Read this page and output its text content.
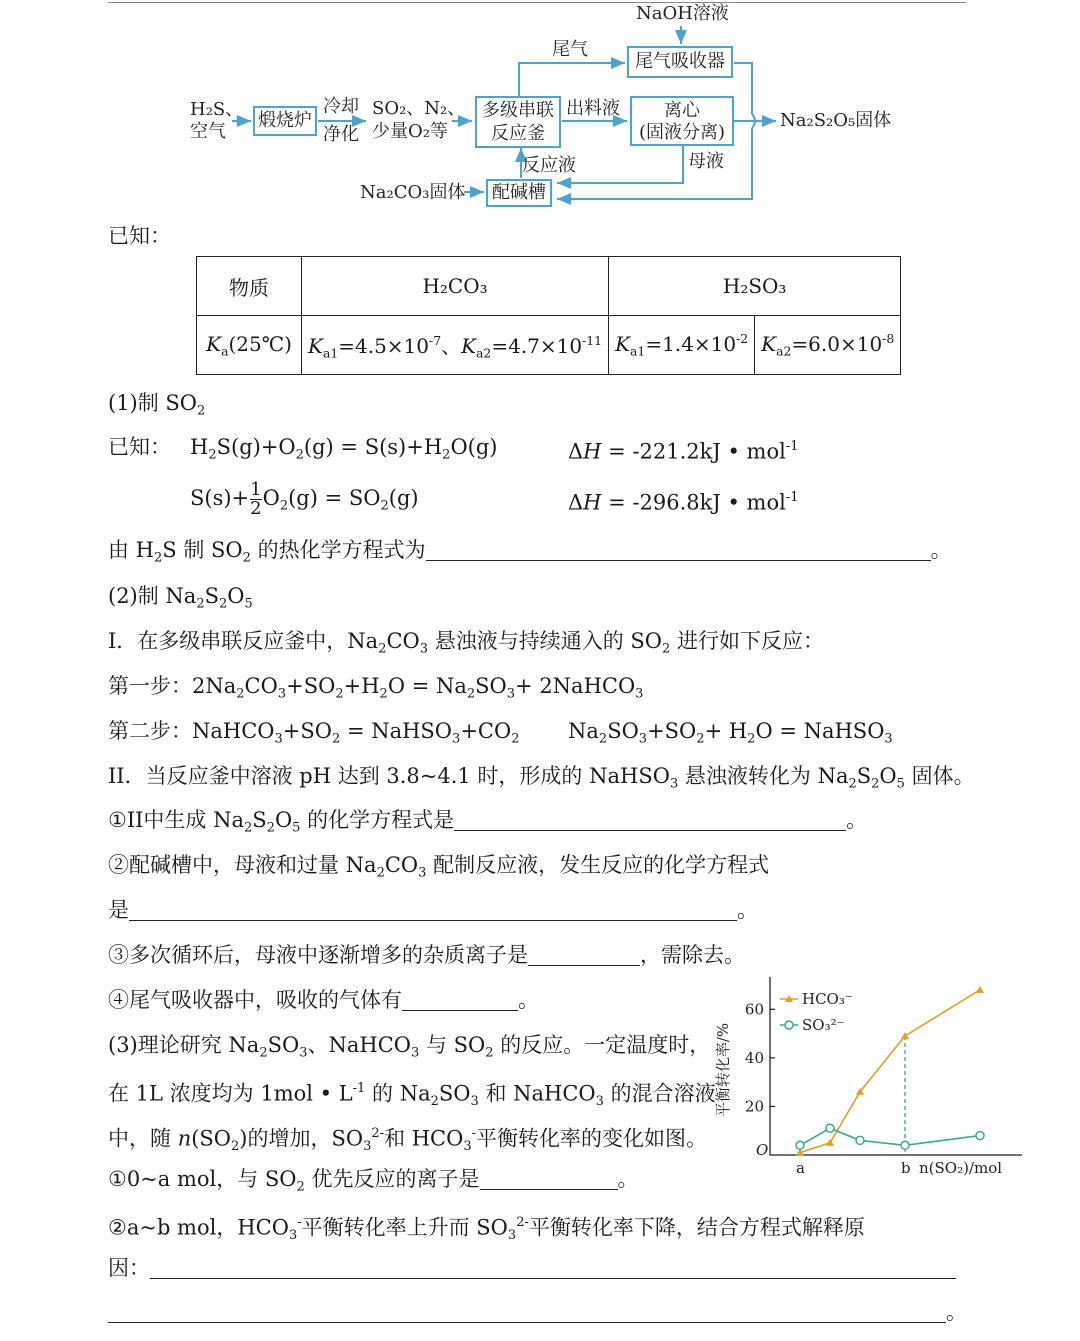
NaOH溶液
尾气
尾气吸收器
H₂S、
空气
煅烧炉
冷却
净化
SO₂、N₂、
少量O₂等
多级串联
反应釜
出料液	离心
(固液分离)
Na₂S₂O₅固体
反应液	母液
Na₂CO₃固体	配碱槽
已知：
物质	H₂CO₃	H₂SO₃	
$K_a(25℃)$	$K_{a1}=4.5\times 10^{-7}$、$K_{a2}=4.7\times 10^{-11}$	$K_{a1}=1.4\times 10^{-2}$	$K_{a2}=6.0\times 10^{-8}$
(1)制 $SO_2$
已知： $H_2S(g)+O_2(g) = S(s)+H_2O(g)$	ΔH = -221.2kJ • mol$^{-1}$
$S(s)+ \frac{1}{2} O_2(g) = SO_2(g)$	ΔH = -296.8kJ • mol$^{-1}$
由 $H_2S$ 制 $SO_2$ 的热化学方程式为	。
(2)制 $Na_2S_2O_5$
I．在多级串联反应釜中，$Na_2CO_3$ 悬浊液与持续通入的 $SO_2$ 进行如下反应：
第一步：$2Na_2CO_3+SO_2+H_2O = Na_2SO_3+$ 2NaHCO$_3$
第二步：$NaHCO_3+SO_2$ = $NaHSO_3+CO_2$ $Na_2SO_3+SO_2+ H_2O$ = NaHSO$_3$
II．当反应釜中溶液 pH 达到 3.8~4.1 时，形成的 NaHSO$_3$ 悬浊液转化为 $Na_2S_2O_5$ 固体。
①II中生成 $Na_2S_2O_5$ 的化学方程式是	。
②配碱槽中，母液和过量 $Na_2CO_3$ 配制反应液，发生反应的化学方程式
是	。
③多次循环后，母液中逐渐增多的杂质离子是	，需除去。
④尾气吸收器中，吸收的气体有	。
(3)理论研究 $Na_2SO_3$、NaHCO$_3$ 与 $SO_2$ 的反应。一定温度时，
在 1L 浓度均为 1mol • $L^{-1}$ 的 $Na_2SO_3$ 和 NaHCO$_3$ 的混合溶液
中，随 $n(SO_2)$的增加，$SO_3^{2-}$和 $HCO_3^-$平衡转化率的变化如图。
①0~a mol，与 $SO_2$ 优先反应的离子是	。
②a~b mol，$HCO_3^-$平衡转化率上升而 $SO_3^{2-}$平衡转化率下降，结合方程式解释原
因：
。
平衡转化率/% 20
40
60
O
a	b n(SO₂)/mol
HCO₃⁻
SO₃²⁻
